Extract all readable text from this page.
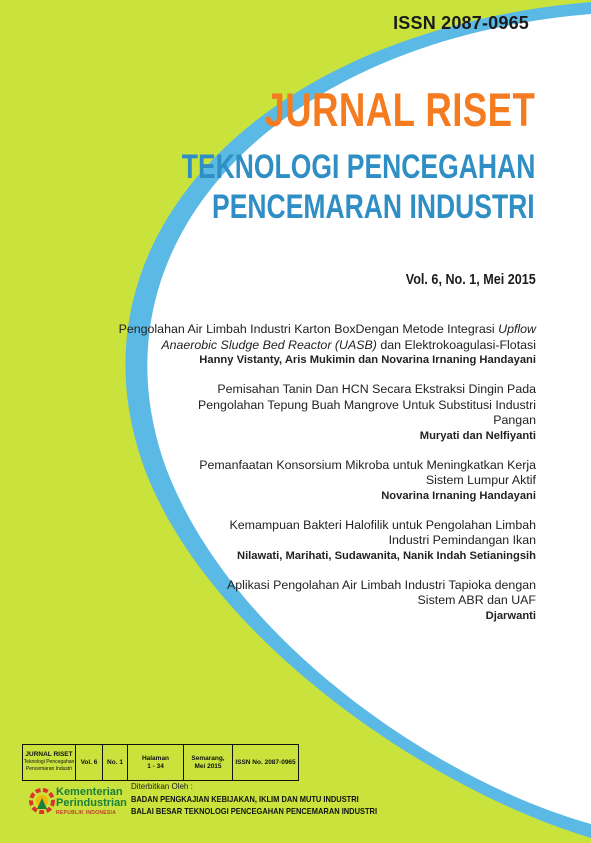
ISSN 2087-0965
JURNAL RISET
TEKNOLOGI PENCEGAHAN
PENCEMARAN INDUSTRI
Vol. 6, No. 1, Mei 2015
Pengolahan Air Limbah Industri Karton BoxDengan Metode Integrasi Upflow Anaerobic Sludge Bed Reactor (UASB) dan Elektrokoagulasi-Flotasi
Hanny Vistanty, Aris Mukimin dan Novarina Irnaning Handayani
Pemisahan Tanin Dan HCN Secara Ekstraksi Dingin Pada Pengolahan Tepung Buah Mangrove Untuk Substitusi Industri Pangan
Muryati dan Nelfiyanti
Pemanfaatan Konsorsium Mikroba untuk Meningkatkan Kerja Sistem Lumpur Aktif
Novarina Irnaning Handayani
Kemampuan Bakteri Halofilik untuk Pengolahan Limbah Industri Pemindangan Ikan
Nilawati, Marihati, Sudawanita, Nanik Indah Setianingsih
Aplikasi Pengolahan Air Limbah Industri Tapioka dengan Sistem ABR dan UAF
Djarwanti
JURNAL RISET
Teknologi Pencegahan
Pencemaran Industri
Vol. 6 No. 1
Halaman
1 - 34
Semarang,
Mei 2015
ISSN No. 2087-0965
Kementerian
Perindustrian
REPUBLIK INDONESIA
Diterbitkan Oleh :
BADAN PENGKAJIAN KEBIJAKAN, IKLIM DAN MUTU INDUSTRI
BALAI BESAR TEKNOLOGI PENCEGAHAN PENCEMARAN INDUSTRI
